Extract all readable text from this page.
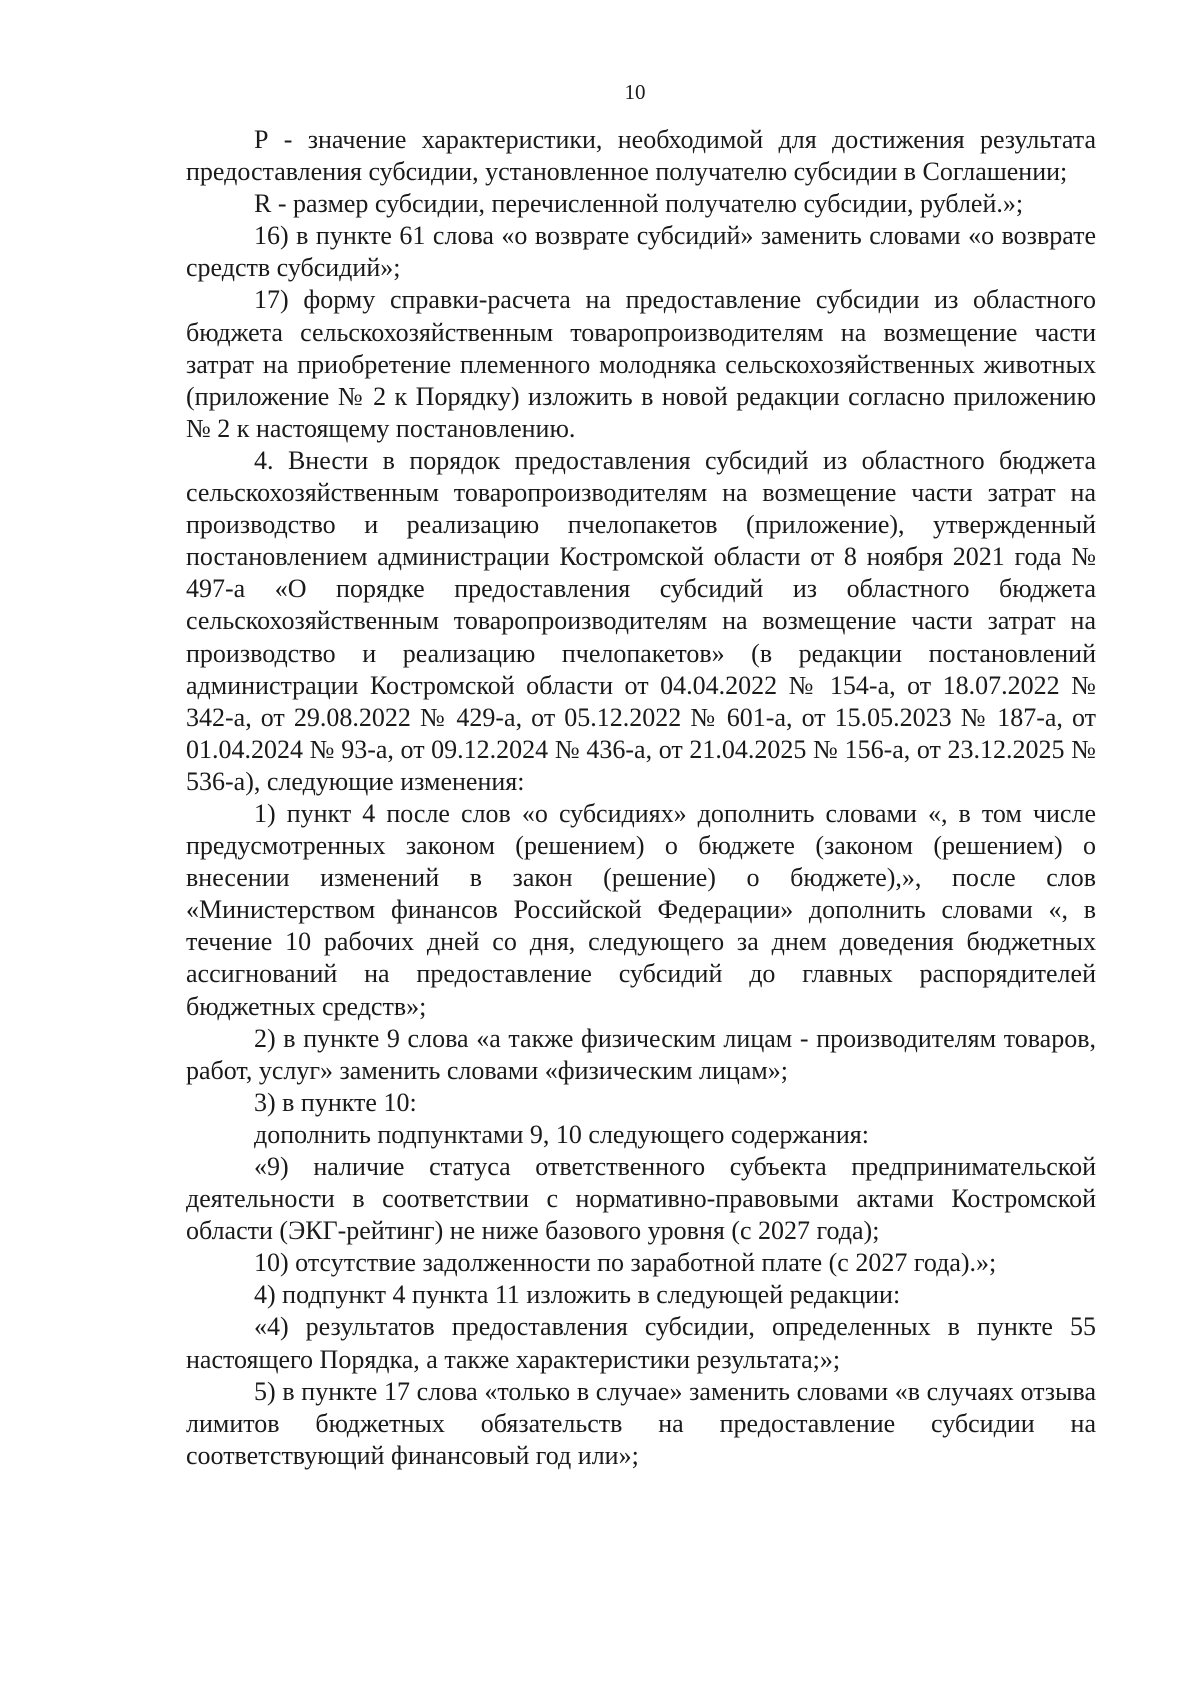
10

Р - значение характеристики, необходимой для достижения результата предоставления субсидии, установленное получателю субсидии в Соглашении;

R - размер субсидии, перечисленной получателю субсидии, рублей.»;

16) в пункте 61 слова «о возврате субсидий» заменить словами «о возврате средств субсидий»;

17) форму справки-расчета на предоставление субсидии из областного бюджета сельскохозяйственным товаропроизводителям на возмещение части затрат на приобретение племенного молодняка сельскохозяйственных животных (приложение № 2 к Порядку) изложить в новой редакции согласно приложению № 2 к настоящему постановлению.

4. Внести в порядок предоставления субсидий из областного бюджета сельскохозяйственным товаропроизводителям на возмещение части затрат на производство и реализацию пчелопакетов (приложение), утвержденный постановлением администрации Костромской области от 8 ноября 2021 года № 497-а «О порядке предоставления субсидий из областного бюджета сельскохозяйственным товаропроизводителям на возмещение части затрат на производство и реализацию пчелопакетов» (в редакции постановлений администрации Костромской области от 04.04.2022 № 154-а, от 18.07.2022 № 342-а, от 29.08.2022 № 429-а, от 05.12.2022 № 601-а, от 15.05.2023 № 187-а, от 01.04.2024 № 93-а, от 09.12.2024 № 436-а, от 21.04.2025 № 156-а, от 23.12.2025 № 536-а), следующие изменения:

1) пункт 4 после слов «о субсидиях» дополнить словами «, в том числе предусмотренных законом (решением) о бюджете (законом (решением) о внесении изменений в закон (решение) о бюджете),», после слов «Министерством финансов Российской Федерации» дополнить словами «, в течение 10 рабочих дней со дня, следующего за днем доведения бюджетных ассигнований на предоставление субсидий до главных распорядителей бюджетных средств»;

2) в пункте 9 слова «а также физическим лицам - производителям товаров, работ, услуг» заменить словами «физическим лицам»;

3) в пункте 10:

дополнить подпунктами 9, 10 следующего содержания:

«9) наличие статуса ответственного субъекта предпринимательской деятельности в соответствии с нормативно-правовыми актами Костромской области (ЭКГ-рейтинг) не ниже базового уровня (с 2027 года);

10) отсутствие задолженности по заработной плате (с 2027 года).»;

4) подпункт 4 пункта 11 изложить в следующей редакции:

«4) результатов предоставления субсидии, определенных в пункте 55 настоящего Порядка, а также характеристики результата;»;

5) в пункте 17 слова «только в случае» заменить словами «в случаях отзыва лимитов бюджетных обязательств на предоставление субсидии на соответствующий финансовый год или»;
